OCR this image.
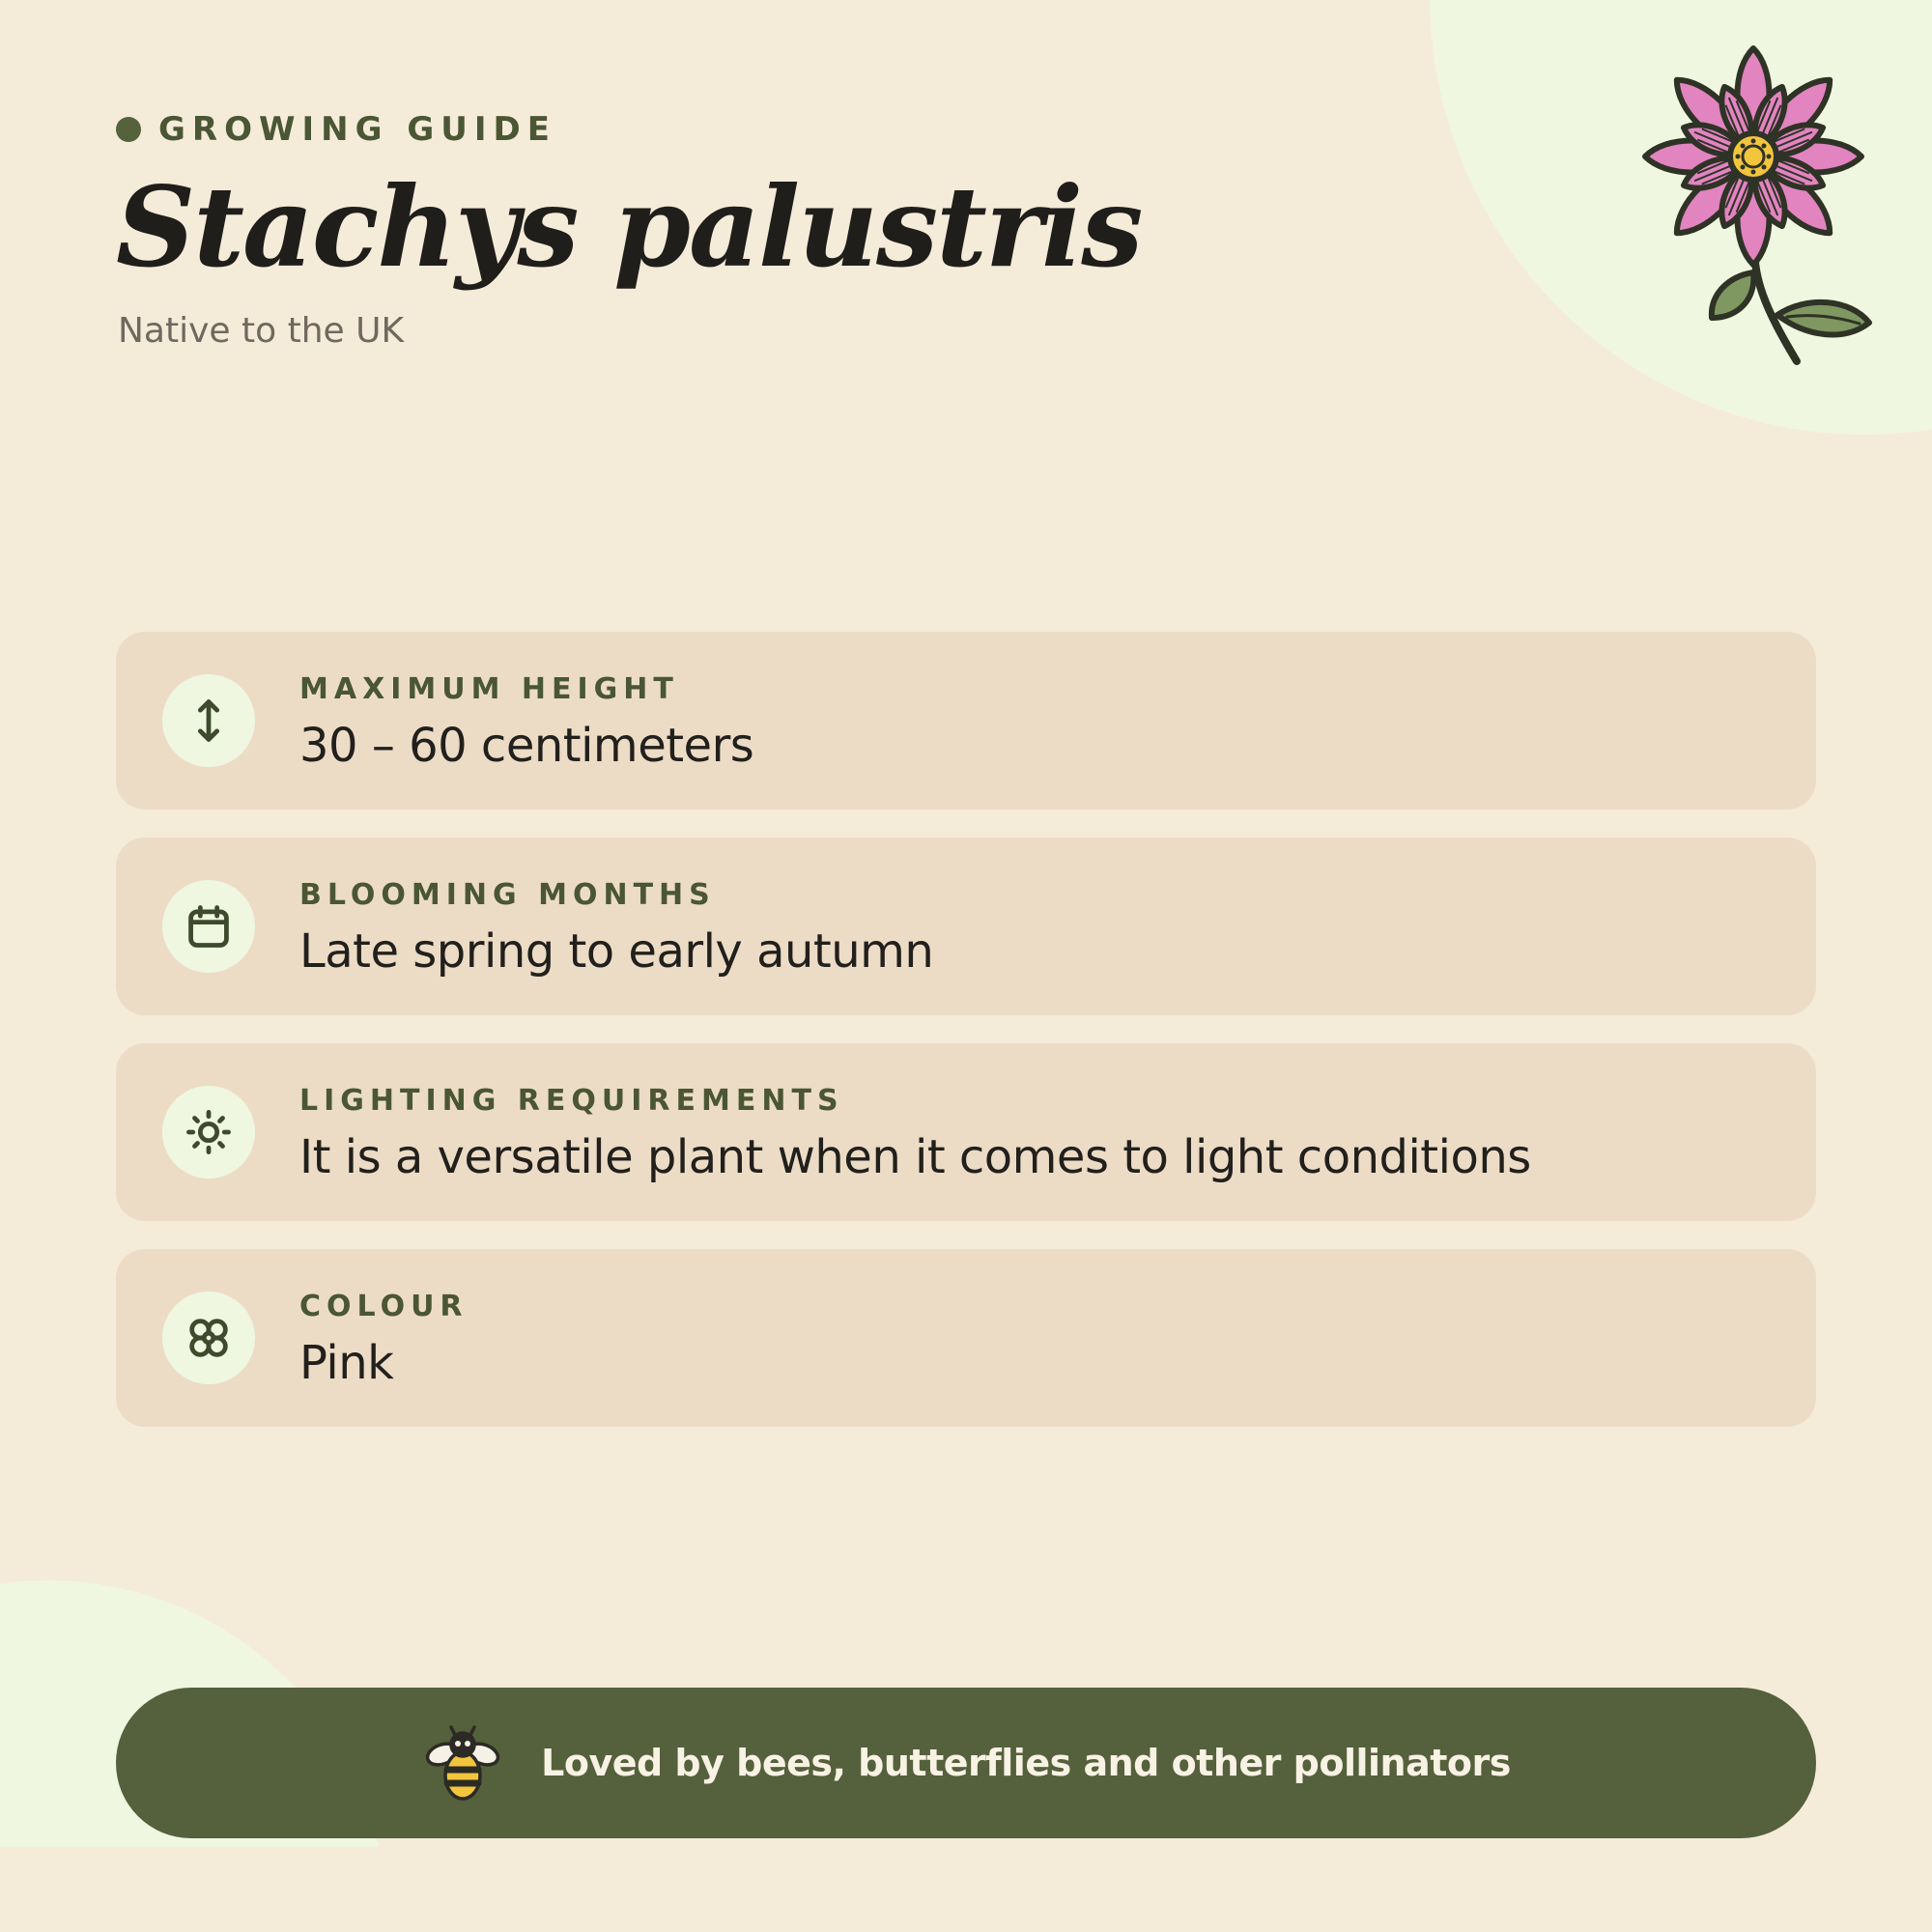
GROWING GUIDE
Stachys palustris
Native to the UK
MAXIMUM HEIGHT
30 – 60 centimeters
BLOOMING MONTHS
Late spring to early autumn
LIGHTING REQUIREMENTS
It is a versatile plant when it comes to light conditions
COLOUR
Pink
Loved by bees, butterflies and other pollinators
